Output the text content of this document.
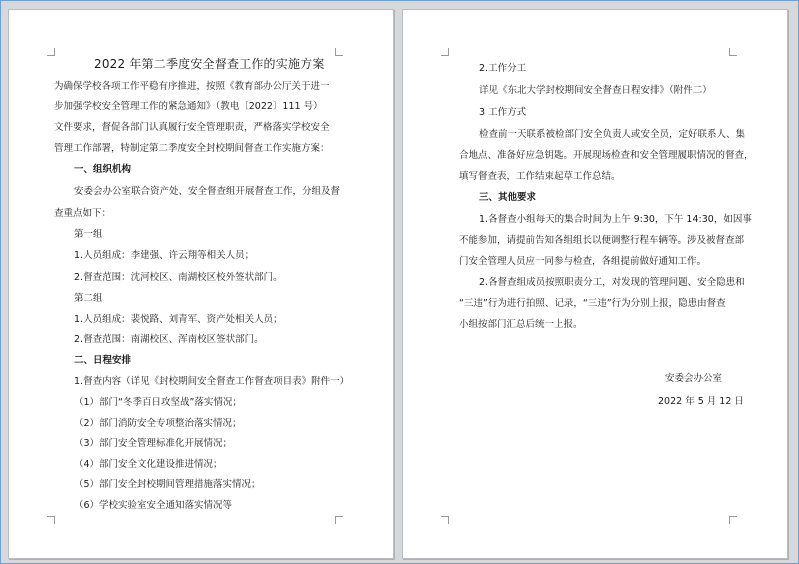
2022 年第二季度安全督查工作的实施方案
为确保学校各项工作平稳有序推进，按照《教育部办公厅关于进一
步加强学校安全管理工作的紧急通知》（教电〔2022〕111 号）
文件要求，督促各部门认真履行安全管理职责，严格落实学校安全
管理工作部署，特制定第二季度安全封校期间督查工作实施方案：
一、组织机构
安委会办公室联合资产处、安全督查组开展督查工作，分组及督
查重点如下：
第一组
1.人员组成：李建强、许云翔等相关人员；
2.督查范围：沈河校区、南湖校区校外签状部门。
第二组
1.人员组成：裴悦路、刘青军、资产处相关人员；
2.督查范围：南湖校区、浑南校区签状部门。
二、日程安排
1.督查内容（详见《封校期间安全督查工作督查项目表》附件一）
（1）部门“冬季百日攻坚战”落实情况；
（2）部门消防安全专项整治落实情况；
（3）部门安全管理标准化开展情况；
（4）部门安全文化建设推进情况；
（5）部门安全封校期间管理措施落实情况；
（6）学校实验室安全通知落实情况等
2.工作分工
详见《东北大学封校期间安全督查日程安排》（附件二）
3 工作方式
检查前一天联系被检部门安全负责人或安全员，定好联系人、集
合地点、准备好应急钥匙。开展现场检查和安全管理履职情况的督查，
填写督查表，工作结束起草工作总结。
三、其他要求
1.各督查小组每天的集合时间为上午 9:30，下午 14:30，如因事
不能参加，请提前告知各组组长以便调整行程车辆等。涉及被督查部
门安全管理人员应一同参与检查，各组提前做好通知工作。
2.各督查组成员按照职责分工，对发现的管理问题、安全隐患和
“三违”行为进行拍照、记录，“三违”行为分别上报，隐患由督查
小组按部门汇总后统一上报。
安委会办公室
2022 年 5 月 12 日
